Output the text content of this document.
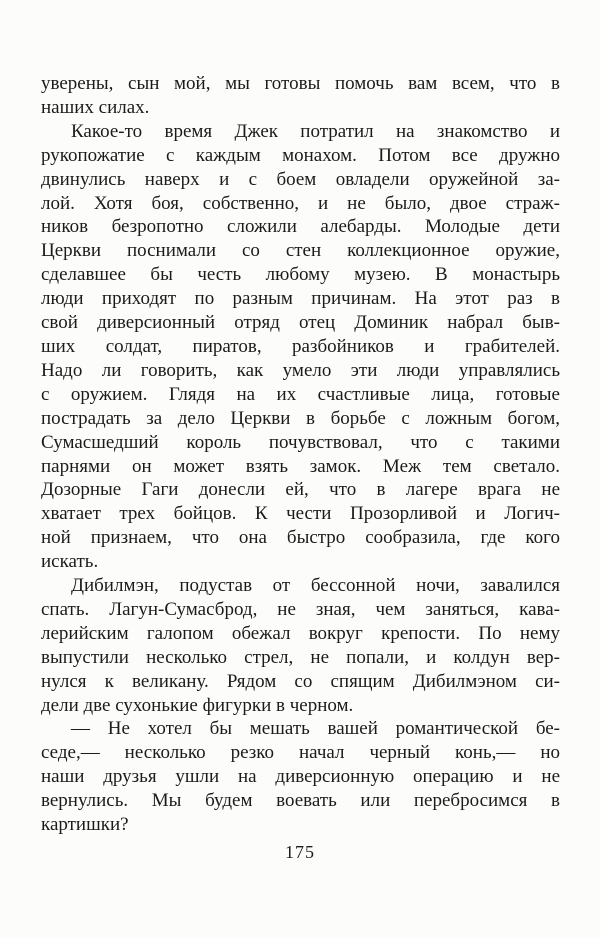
уверены, сын мой, мы готовы помочь вам всем, что в
наших силах.
Какое-то время Джек потратил на знакомство и
рукопожатие с каждым монахом. Потом все дружно
двинулись наверх и с боем овладели оружейной за-
лой. Хотя боя, собственно, и не было, двое страж-
ников безропотно сложили алебарды. Молодые дети
Церкви поснимали со стен коллекционное оружие,
сделавшее бы честь любому музею. В монастырь
люди приходят по разным причинам. На этот раз в
свой диверсионный отряд отец Доминик набрал быв-
ших солдат, пиратов, разбойников и грабителей.
Надо ли говорить, как умело эти люди управлялись
с оружием. Глядя на их счастливые лица, готовые
пострадать за дело Церкви в борьбе с ложным богом,
Сумасшедший король почувствовал, что с такими
парнями он может взять замок. Меж тем светало.
Дозорные Гаги донесли ей, что в лагере врага не
хватает трех бойцов. К чести Прозорливой и Логич-
ной признаем, что она быстро сообразила, где кого
искать.
Дибилмэн, подустав от бессонной ночи, завалился
спать. Лагун-Сумасброд, не зная, чем заняться, кава-
лерийским галопом обежал вокруг крепости. По нему
выпустили несколько стрел, не попали, и колдун вер-
нулся к великану. Рядом со спящим Дибилмэном си-
дели две сухонькие фигурки в черном.
— Не хотел бы мешать вашей романтической бе-
седе,— несколько резко начал черный конь,— но
наши друзья ушли на диверсионную операцию и не
вернулись. Мы будем воевать или перебросимся в
картишки?
175
